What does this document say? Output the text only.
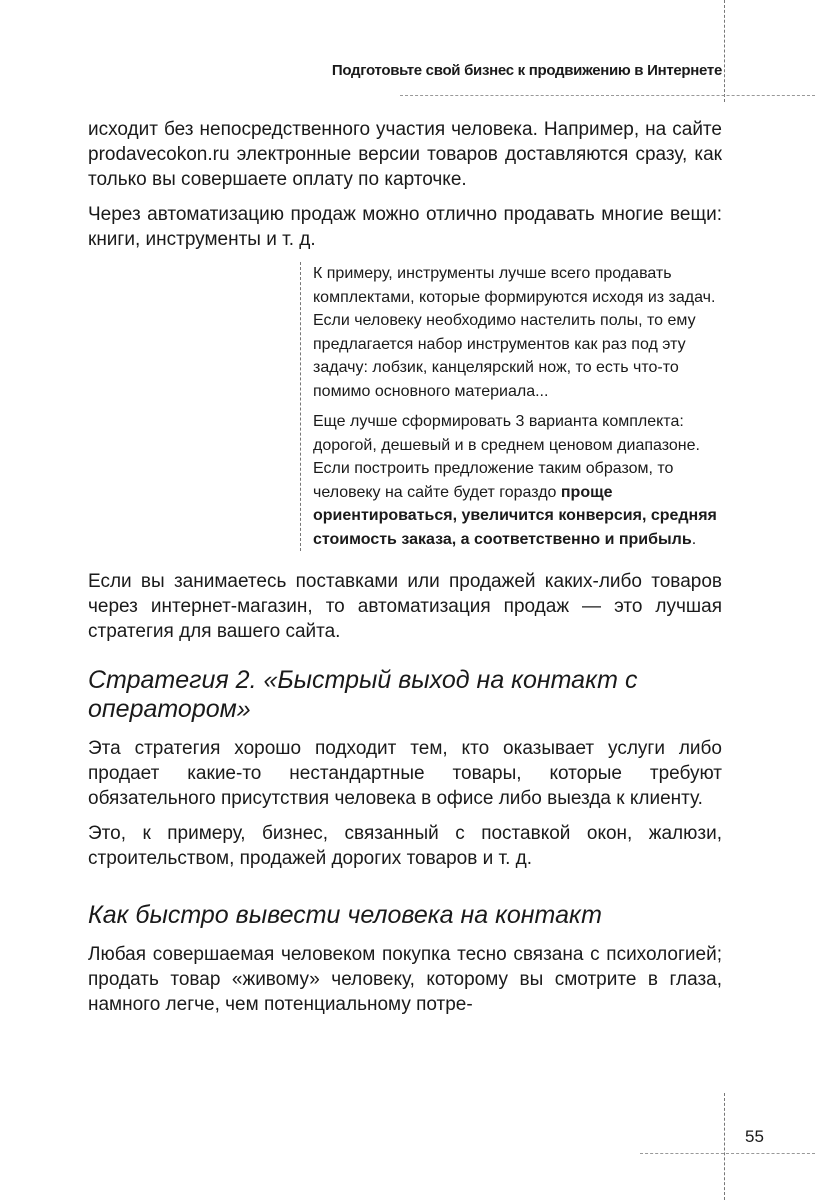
Подготовьте свой бизнес к продвижению в Интернете

исходит без непосредственного участия человека. Например, на сайте prodavecokon.ru электронные версии товаров доставляются сразу, как только вы совершаете оплату по карточке.

Через автоматизацию продаж можно отлично продавать многие вещи: книги, инструменты и т. д.

К примеру, инструменты лучше всего продавать комплектами, которые формируются исходя из задач. Если человеку необходимо настелить полы, то ему предлагается набор инструментов как раз под эту задачу: лобзик, канцелярский нож, то есть что-то помимо основного материала...

Еще лучше сформировать 3 варианта комплекта: дорогой, дешевый и в среднем ценовом диапазоне. Если построить предложение таким образом, то человеку на сайте будет гораздо проще ориентироваться, увеличится конверсия, средняя стоимость заказа, а соответственно и прибыль.

Если вы занимаетесь поставками или продажей каких-либо товаров через интернет-магазин, то автоматизация продаж — это лучшая стратегия для вашего сайта.

Стратегия 2. «Быстрый выход на контакт с оператором»

Эта стратегия хорошо подходит тем, кто оказывает услуги либо продает какие-то нестандартные товары, которые требуют обязательного присутствия человека в офисе либо выезда к клиенту.

Это, к примеру, бизнес, связанный с поставкой окон, жалюзи, строительством, продажей дорогих товаров и т. д.

Как быстро вывести человека на контакт

Любая совершаемая человеком покупка тесно связана с психологией; продать товар «живому» человеку, которому вы смотрите в глаза, намного легче, чем потенциальному потре-

55
